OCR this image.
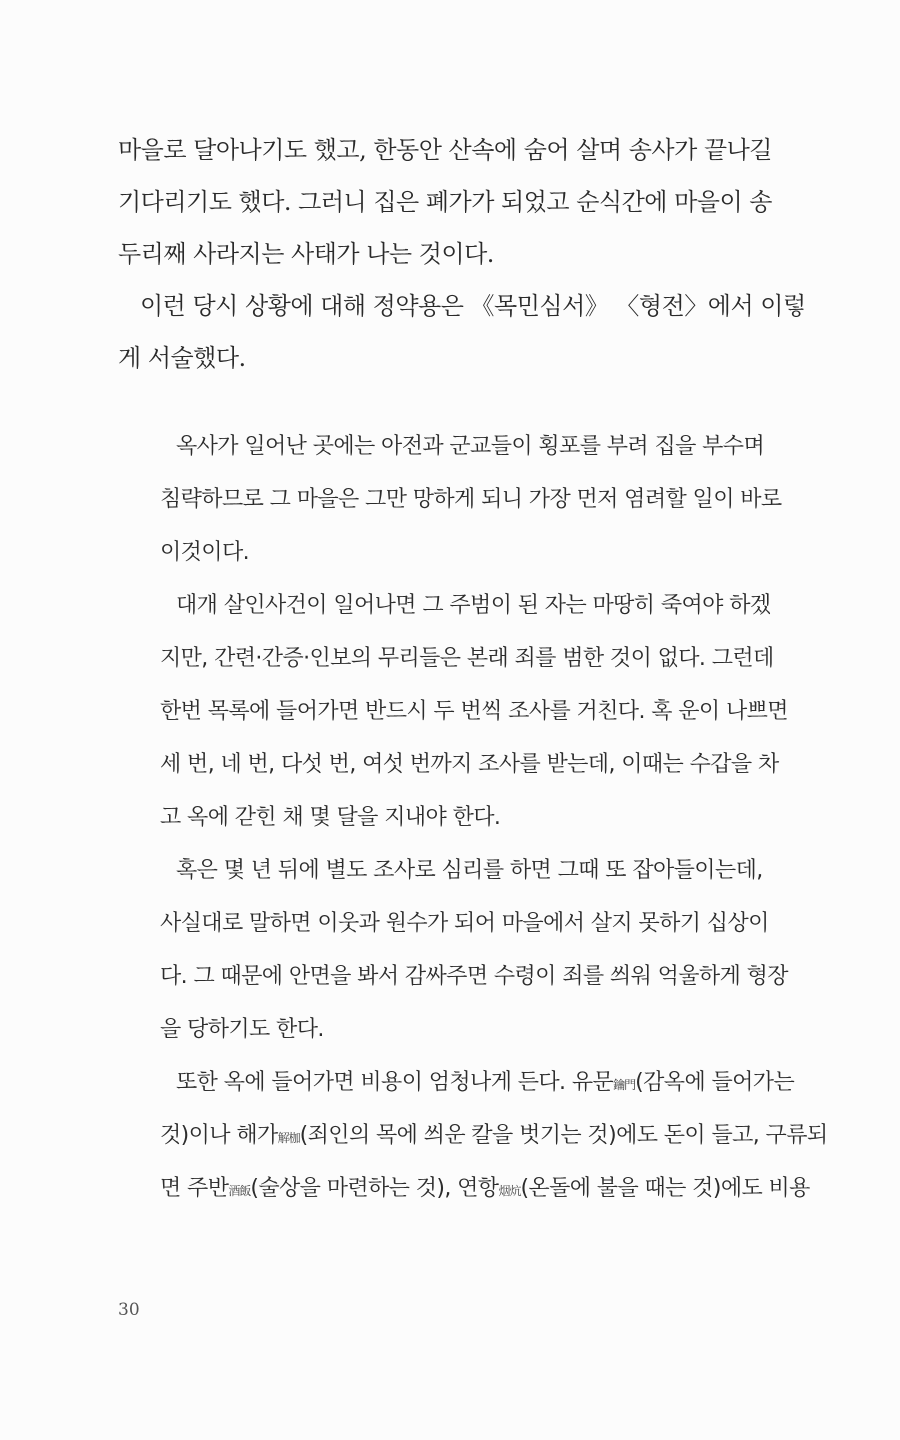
마을로 달아나기도 했고, 한동안 산속에 숨어 살며 송사가 끝나길
기다리기도 했다. 그러니 집은 폐가가 되었고 순식간에 마을이 송
두리째 사라지는 사태가 나는 것이다.
이런 당시 상황에 대해 정약용은 《목민심서》 〈형전〉에서 이렇
게 서술했다.
옥사가 일어난 곳에는 아전과 군교들이 횡포를 부려 집을 부수며
침략하므로 그 마을은 그만 망하게 되니 가장 먼저 염려할 일이 바로
이것이다.
대개 살인사건이 일어나면 그 주범이 된 자는 마땅히 죽여야 하겠
지만, 간련·간증·인보의 무리들은 본래 죄를 범한 것이 없다. 그런데
한번 목록에 들어가면 반드시 두 번씩 조사를 거친다. 혹 운이 나쁘면
세 번, 네 번, 다섯 번, 여섯 번까지 조사를 받는데, 이때는 수갑을 차
고 옥에 갇힌 채 몇 달을 지내야 한다.
혹은 몇 년 뒤에 별도 조사로 심리를 하면 그때 또 잡아들이는데,
사실대로 말하면 이웃과 원수가 되어 마을에서 살지 못하기 십상이
다. 그 때문에 안면을 봐서 감싸주면 수령이 죄를 씌워 억울하게 형장
을 당하기도 한다.
또한 옥에 들어가면 비용이 엄청나게 든다. 유문鑰門(감옥에 들어가는
것)이나 해가解枷(죄인의 목에 씌운 칼을 벗기는 것)에도 돈이 들고, 구류되
면 주반酒飯(술상을 마련하는 것), 연항烟炕(온돌에 불을 때는 것)에도 비용
30
